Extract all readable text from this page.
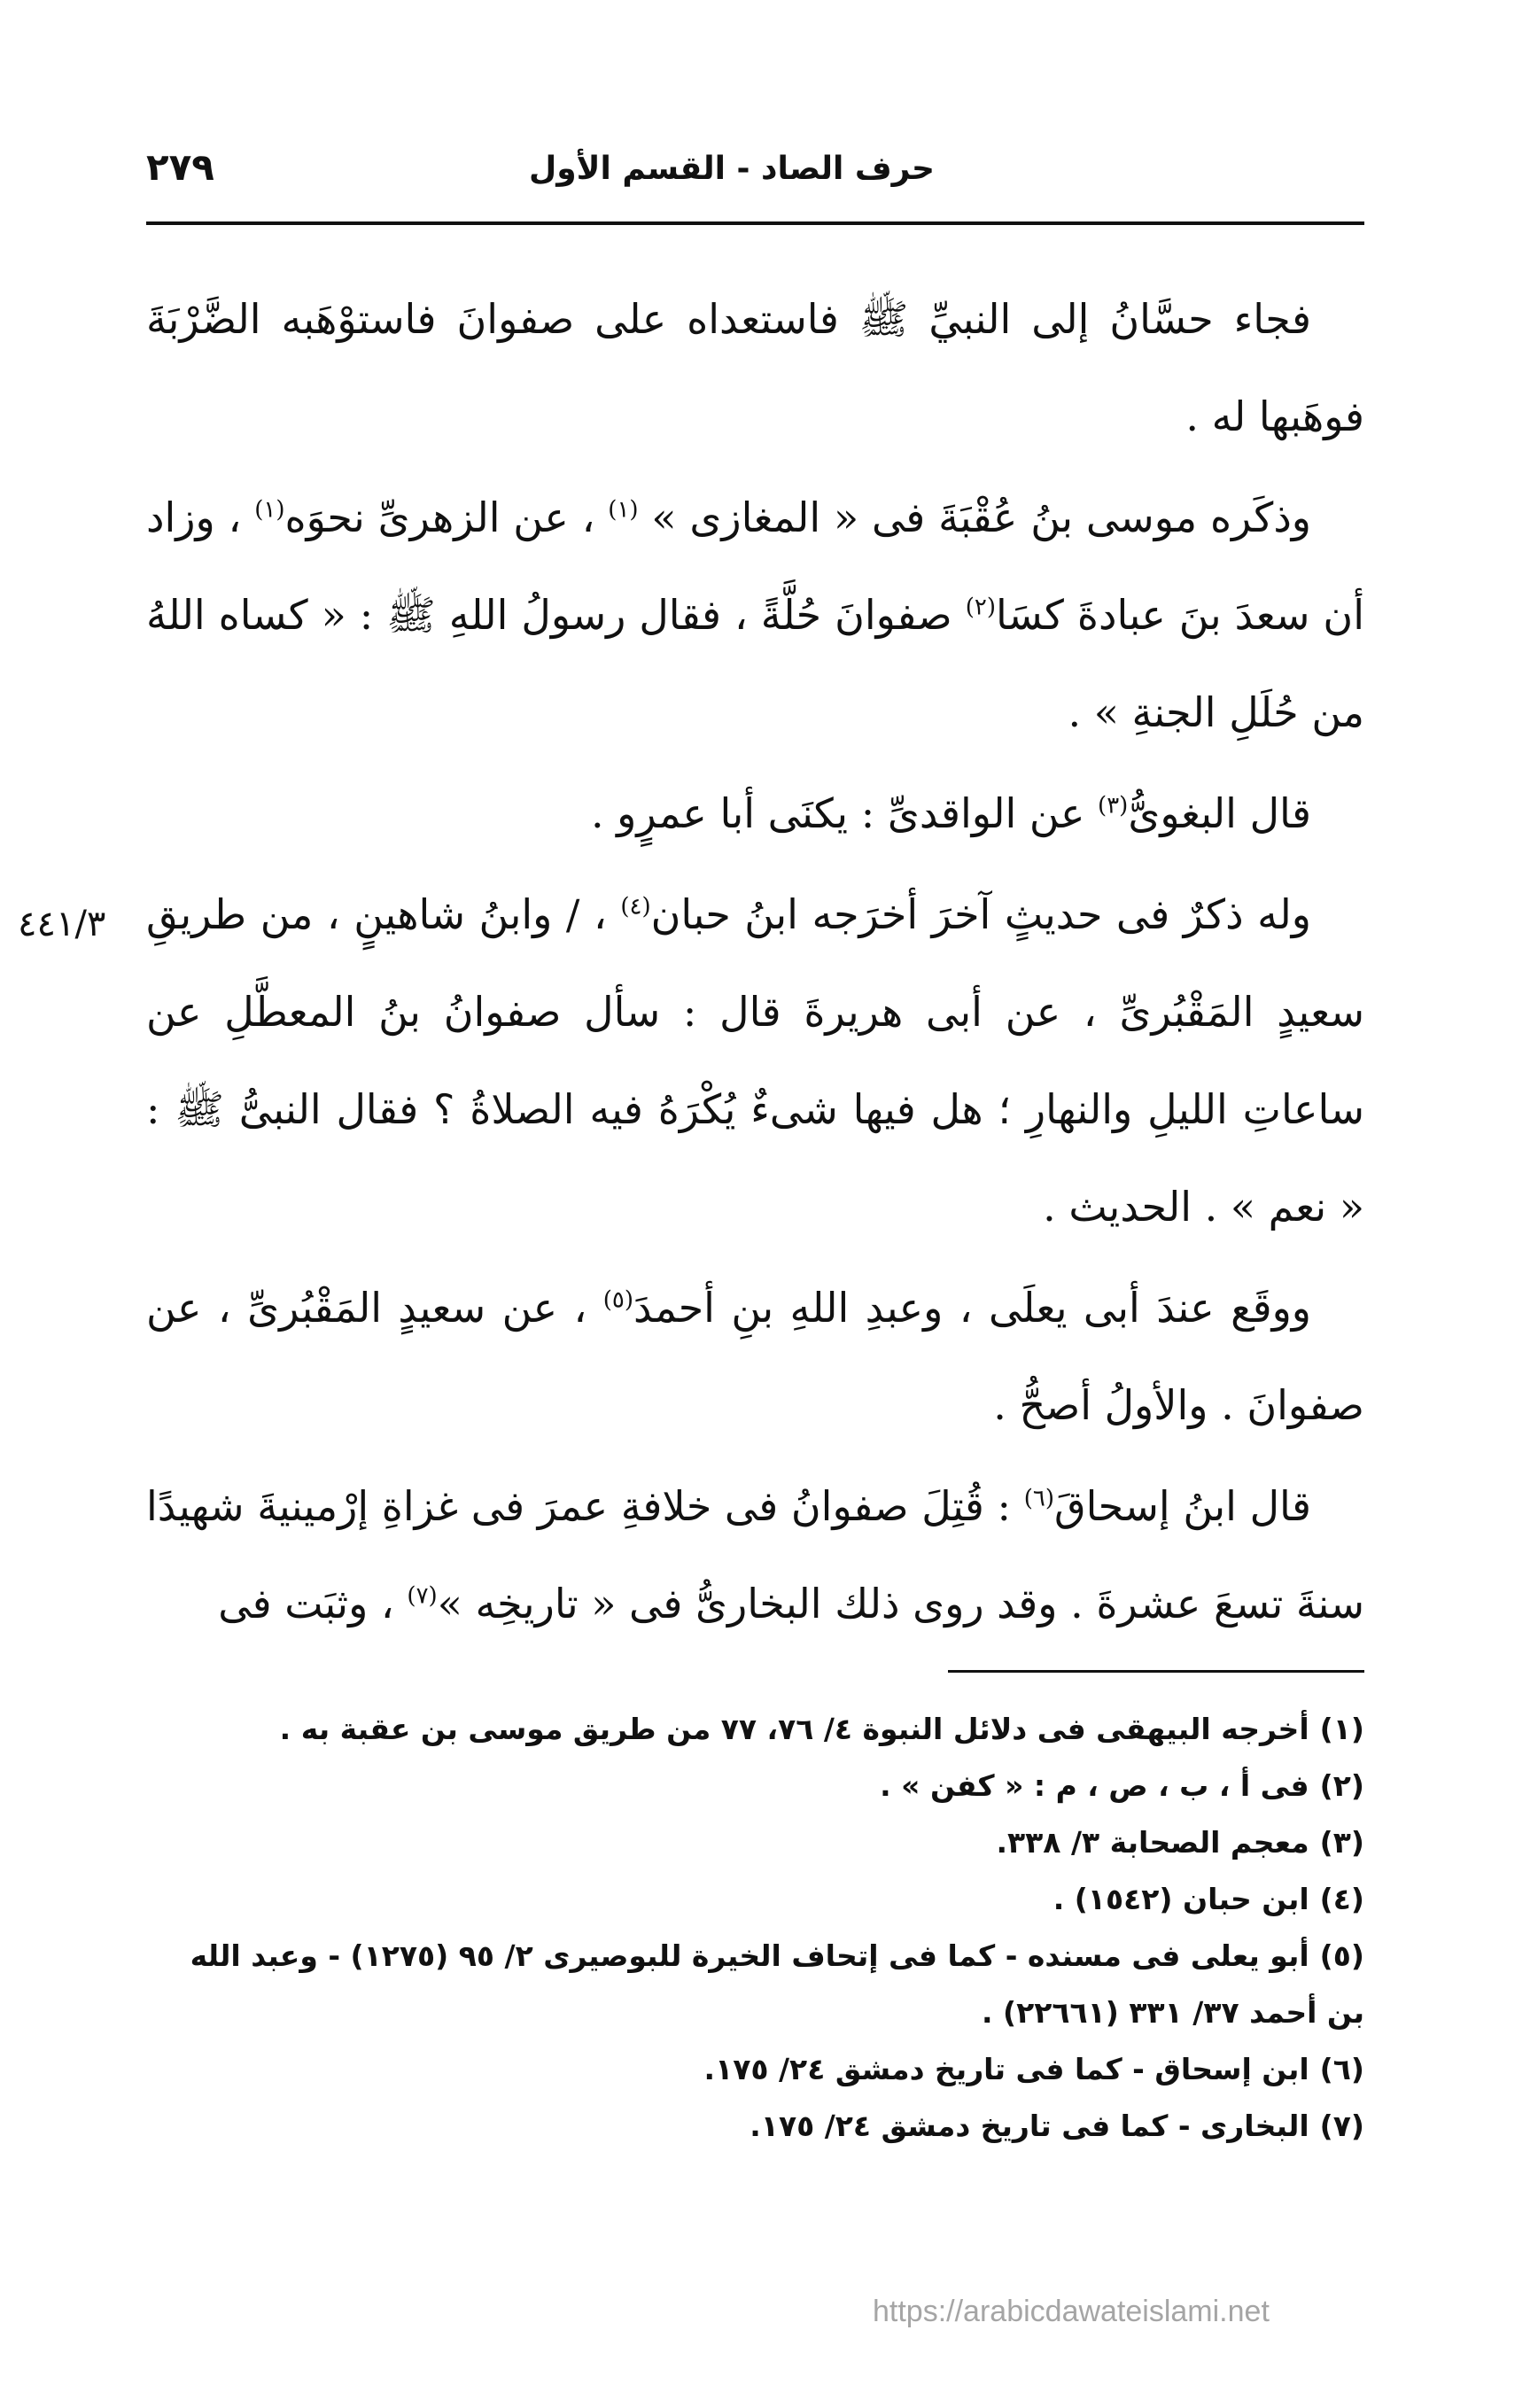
حرف الصاد - القسم الأول
٢٧٩
٤٤١/٣

فجاء حسَّانُ إلى النبيِّ ﷺ فاستعداه على صفوانَ فاستوْهَبه الضَّرْبَةَ فوهَبها له .

وذكَره موسى بنُ عُقْبَةَ فى « المغازى » $^{(١)}$ ، عن الزهرىِّ نحوَه$^{(١)}$ ، وزاد أن سعدَ بنَ عبادةَ كسَا$^{(٢)}$ صفوانَ حُلَّةً ، فقال رسولُ اللهِ ﷺ : « كساه اللهُ من حُلَلِ الجنةِ » .

قال البغوىُّ$^{(٣)}$ عن الواقدىِّ : يكنَى أبا عمرٍو .

وله ذكرٌ فى حديثٍ آخرَ أخرَجه ابنُ حبان$^{(٤)}$ ، / وابنُ شاهينٍ ، من طريقِ سعيدٍ المَقْبُرىِّ ، عن أبى هريرةَ قال : سأل صفوانُ بنُ المعطَّلِ عن ساعاتِ الليلِ والنهارِ ؛ هل فيها شىءٌ يُكْرَهُ فيه الصلاةُ ؟ فقال النبىُّ ﷺ : « نعم » . الحديث .

ووقَع عندَ أبى يعلَى ، وعبدِ اللهِ بنِ أحمدَ$^{(٥)}$ ، عن سعيدٍ المَقْبُرىِّ ، عن صفوانَ . والأولُ أصحُّ .

قال ابنُ إسحاقَ$^{(٦)}$ : قُتِلَ صفوانُ فى خلافةِ عمرَ فى غزاةِ إرْمينيةَ شهيدًا سنةَ تسعَ عشرةَ . وقد روى ذلك البخارىُّ فى « تاريخِه »$^{(٧)}$ ، وثبَت فى

(١)أخرجه البيهقى فى دلائل النبوة ٤/ ٧٦، ٧٧ من طريق موسى بن عقبة به .

(٢)فى أ ، ب ، ص ، م : « كفن » .

(٣)معجم الصحابة ٣/ ٣٣٨.

(٤)ابن حبان (١٥٤٢) .

(٥)أبو يعلى فى مسنده - كما فى إتحاف الخيرة للبوصيرى ٢/ ٩٥ (١٢٧٥) - وعبد الله بن أحمد ٣٧/ ٣٣١ (٢٢٦٦١) .

(٦)ابن إسحاق - كما فى تاريخ دمشق ٢٤/ ١٧٥.

(٧)البخارى - كما فى تاريخ دمشق ٢٤/ ١٧٥.

https://arabicdawateislami.net
